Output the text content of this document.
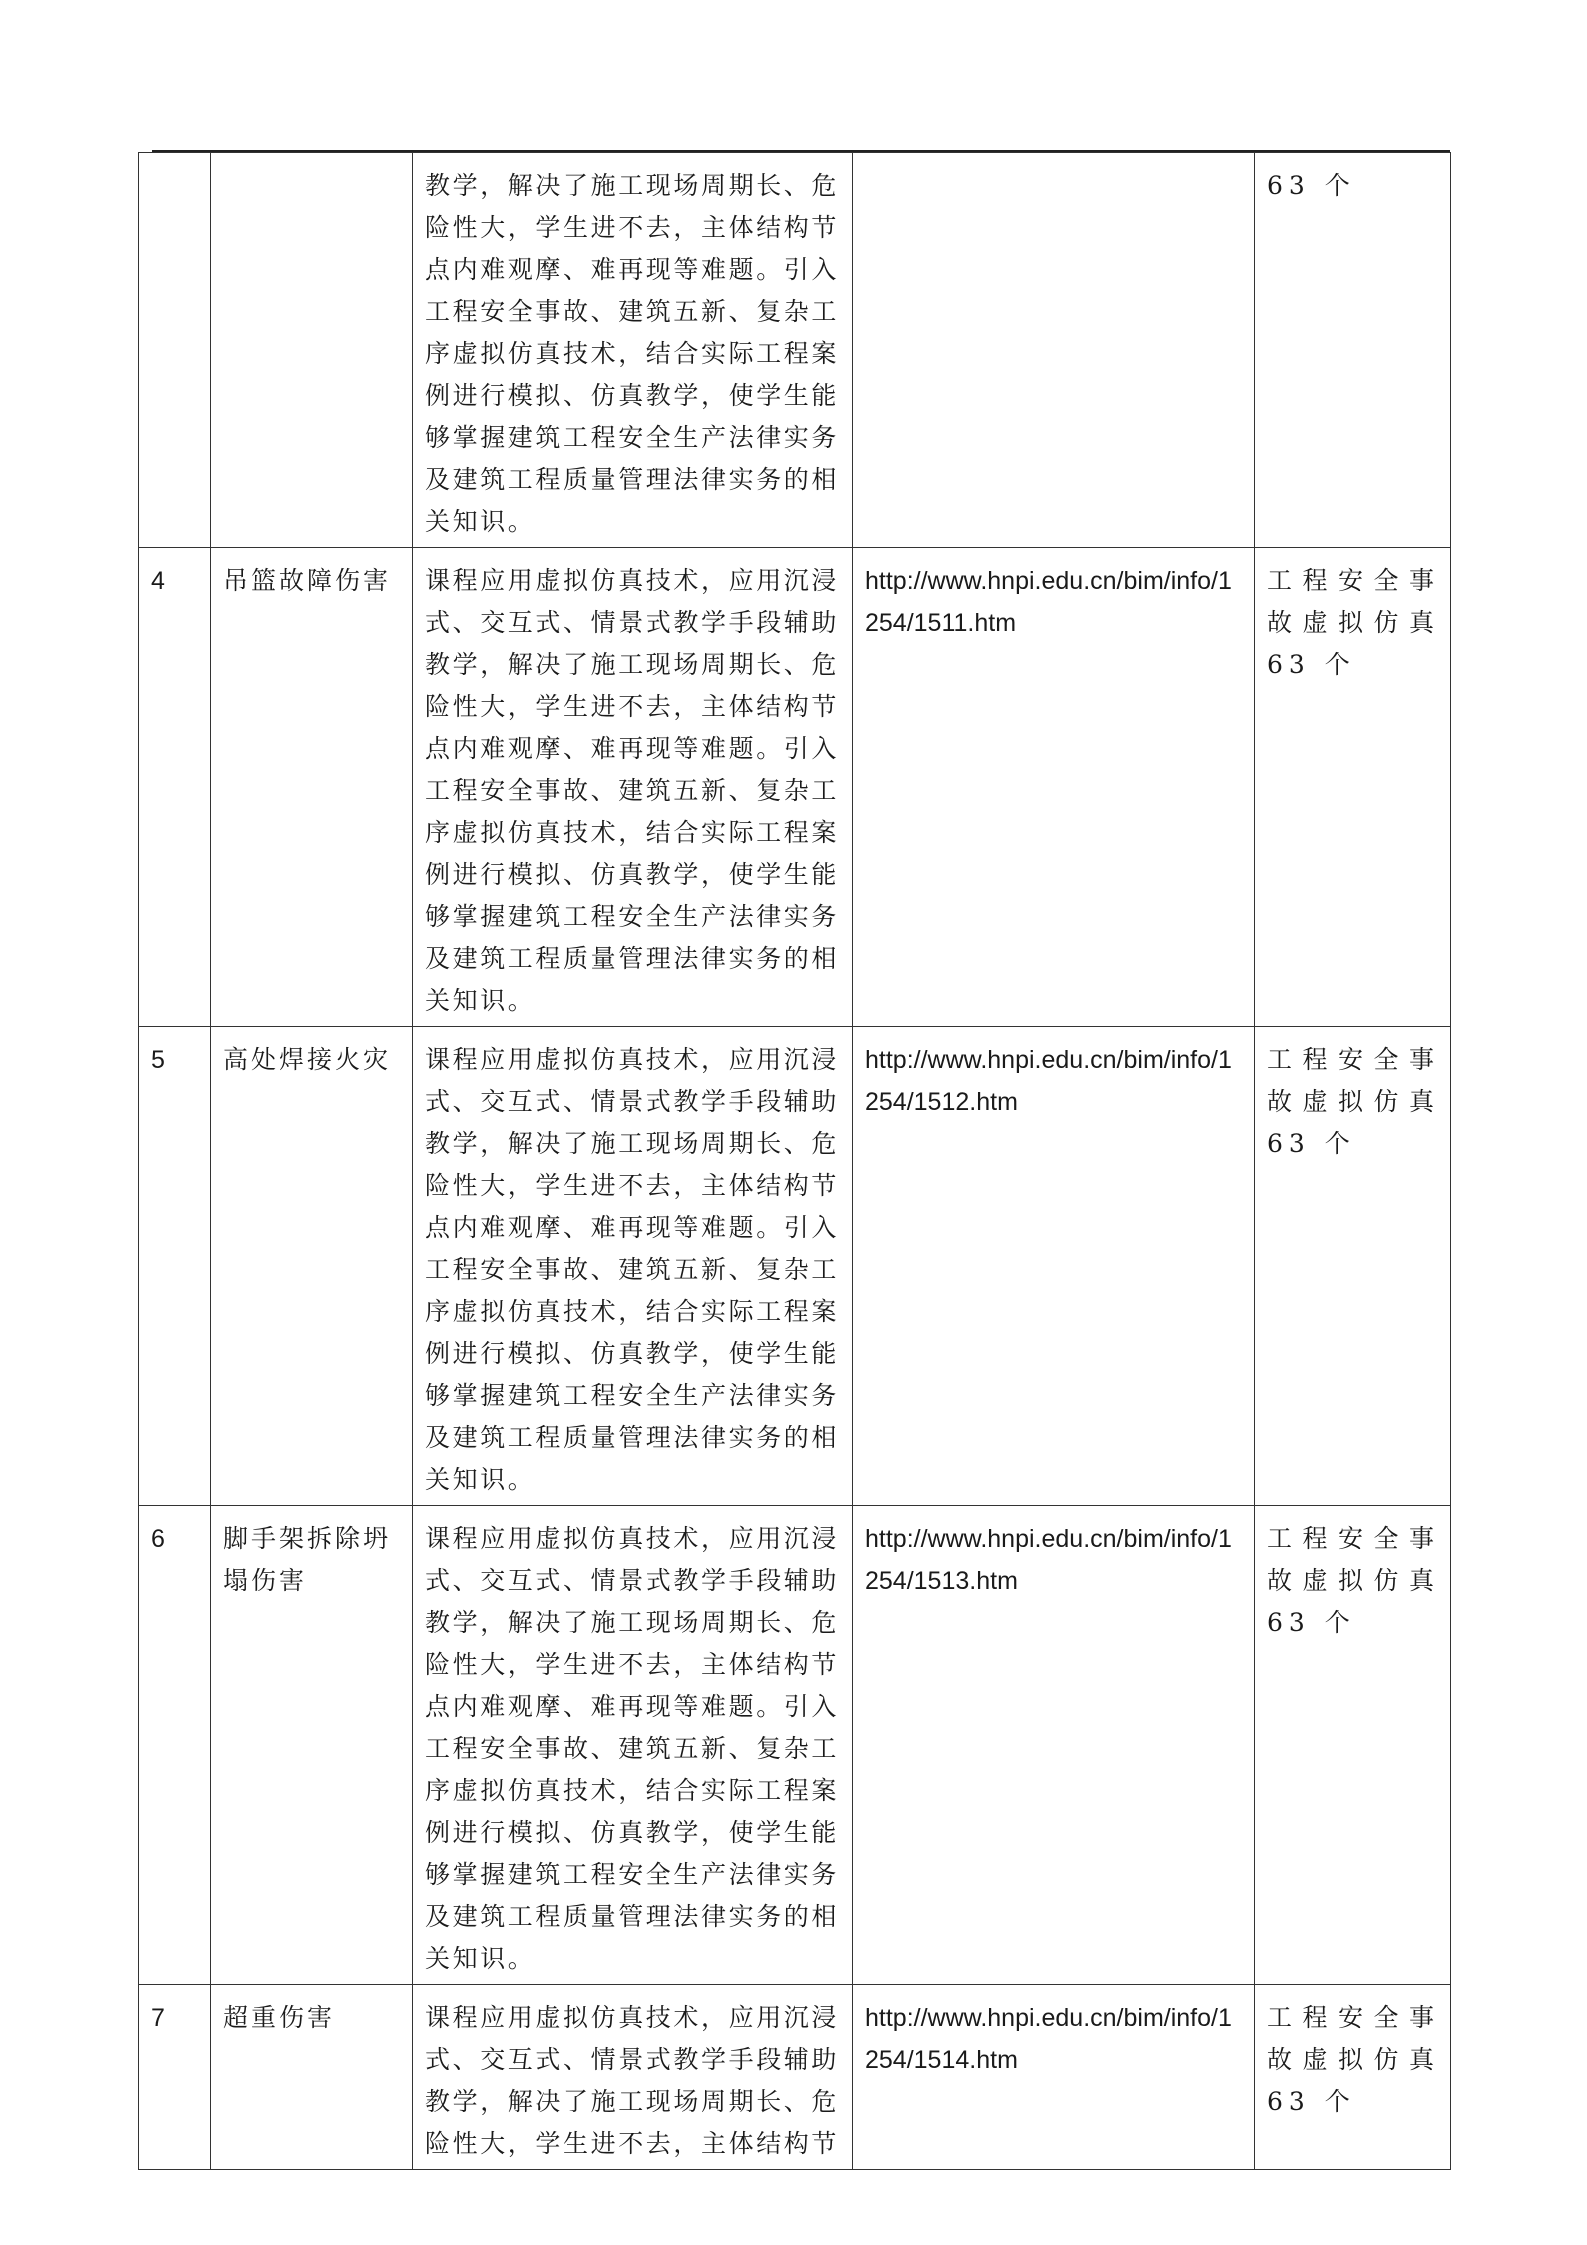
		教学，解决了施工现场周期长、危险性大，学生进不去，主体结构节点内难观摩、难再现等难题。引入工程安全事故、建筑五新、复杂工序虚拟仿真技术，结合实际工程案例进行模拟、仿真教学，使学生能够掌握建筑工程安全生产法律实务及建筑工程质量管理法律实务的相关知识。		63 个
4	吊篮故障伤害	课程应用虚拟仿真技术，应用沉浸式、交互式、情景式教学手段辅助教学，解决了施工现场周期长、危险性大，学生进不去，主体结构节点内难观摩、难再现等难题。引入工程安全事故、建筑五新、复杂工序虚拟仿真技术，结合实际工程案例进行模拟、仿真教学，使学生能够掌握建筑工程安全生产法律实务及建筑工程质量管理法律实务的相关知识。	http://www.hnpi.edu.cn/bim/info/1254/1511.htm	工程安全事故虚拟仿真63 个
5	高处焊接火灾	课程应用虚拟仿真技术，应用沉浸式、交互式、情景式教学手段辅助教学，解决了施工现场周期长、危险性大，学生进不去，主体结构节点内难观摩、难再现等难题。引入工程安全事故、建筑五新、复杂工序虚拟仿真技术，结合实际工程案例进行模拟、仿真教学，使学生能够掌握建筑工程安全生产法律实务及建筑工程质量管理法律实务的相关知识。	http://www.hnpi.edu.cn/bim/info/1254/1512.htm	工程安全事故虚拟仿真63 个
6	脚手架拆除坍塌伤害	课程应用虚拟仿真技术，应用沉浸式、交互式、情景式教学手段辅助教学，解决了施工现场周期长、危险性大，学生进不去，主体结构节点内难观摩、难再现等难题。引入工程安全事故、建筑五新、复杂工序虚拟仿真技术，结合实际工程案例进行模拟、仿真教学，使学生能够掌握建筑工程安全生产法律实务及建筑工程质量管理法律实务的相关知识。	http://www.hnpi.edu.cn/bim/info/1254/1513.htm	工程安全事故虚拟仿真63 个
7	超重伤害	课程应用虚拟仿真技术，应用沉浸式、交互式、情景式教学手段辅助教学，解决了施工现场周期长、危险性大，学生进不去，主体结构节	http://www.hnpi.edu.cn/bim/info/1254/1514.htm	工程安全事故虚拟仿真63 个
